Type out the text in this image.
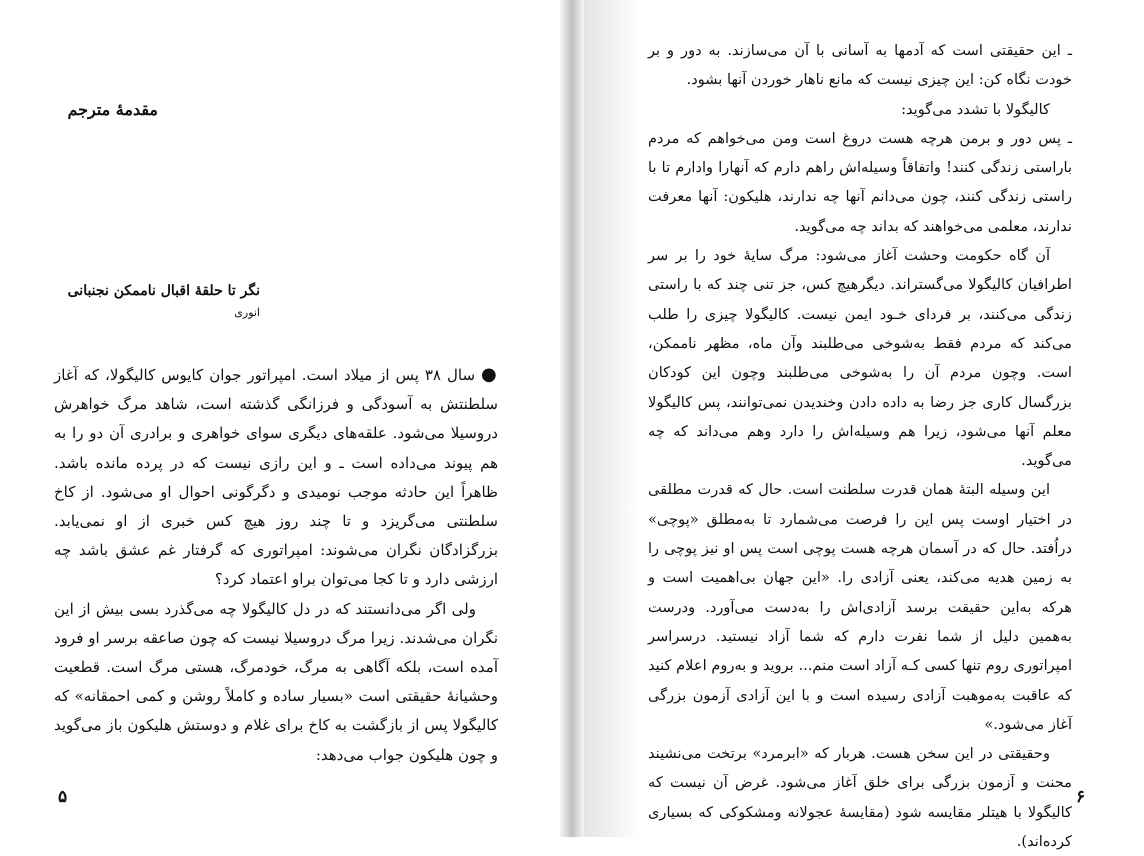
مقدمهٔ مترجم
نگر تا حلقهٔ اقبال ناممکن نجنبانی
انوری

●سال ۳۸ پس از میلاد است. امپراتور جوان کایوس کالیگولا، که آغاز سلطنتش به آسودگی و فرزانگی گذشته است، شاهد مرگ خواهرش دروسیلا می‌شود. علقه‌های دیگری سوای خواهری و برادری آن دو را به هم پیوند می‌داده است ـ و این رازی نیست که در پرده مانده باشد. ظاهراً این حادثه موجب نومیدی و دگرگونی احوال او می‌شود. از کاخ سلطنتی می‌گریزد و تا چند روز هیچ کس خبری از او نمی‌یابد. بزرگزادگان نگران می‌شوند: امپراتوری که گرفتار غم عشق باشد چه ارزشی دارد و تا کجا می‌توان براو اعتماد کرد؟

ولی اگر می‌دانستند که در دل کالیگولا چه می‌گذرد بسی بیش از این نگران می‌شدند. زیرا مرگ دروسیلا نیست که چون صاعقه برسر او فرود آمده است، بلکه آگاهی به مرگ، خودمرگ، هستی مرگ است. قطعیت وحشیانهٔ حقیقتی است «بسیار ساده و کاملاً روشن و کمی احمقانه» که کالیگولا پس از بازگشت به کاخ برای غلام و دوستش هلیکون باز می‌گوید و چون هلیکون جواب می‌دهد:

۵

ـ این حقیقتی است که آدمها به آسانی با آن می‌سازند. به دور و بر خودت نگاه کن: این چیزی نیست که مانع ناهار خوردن آنها بشود.

کالیگولا با تشدد می‌گوید:

ـ پس دور و برمن هرچه هست دروغ است ومن می‌خواهم که مردم باراستی زندگی کنند! واتفاقاً وسیله‌اش راهم دارم که آنهارا وادارم تا با راستی زندگی کنند، چون می‌دانم آنها چه ندارند، هلیکون: آنها معرفت ندارند، معلمی می‌خواهند که بداند چه می‌گوید.

آن گاه حکومت وحشت آغاز می‌شود: مرگ سایهٔ خود را بر سر اطرافیان کالیگولا می‌گستراند. دیگرهیچ کس، جز تنی چند که با راستی زندگی می‌کنند، بر فردای خـود ایمن نیست. کالیگولا چیزی را طلب می‌کند که مردم فقط به‌شوخی می‌طلبند وآن ماه، مظهر ناممکن، است. وچون مردم آن را به‌شوخی می‌طلبند وچون این کودکان بزرگسال کاری جز رضا به داده دادن وخندیدن نمی‌توانند، پس کالیگولا معلم آنها می‌شود، زیرا هم وسیله‌اش را دارد وهم می‌داند که چه می‌گوید.

این وسیله البتهٔ همان قدرت سلطنت است. حال که قدرت مطلقی در اختیار اوست پس این را فرصت می‌شمارد تا به‌مطلق «پوچی» دراُفتد. حال که در آسمان هرچه هست پوچی است پس او نیز پوچی را به زمین هدیه می‌کند، یعنی آزادی را. «این جهان بی‌اهمیت است و هرکه به‌این حقیقت برسد آزادی‌اش را به‌دست می‌آورد. ودرست به‌همین دلیل از شما نفرت دارم که شما آزاد نیستید. درسراسر امپراتوری روم تنها کسی کـه آزاد است منم... بروید و به‌روم اعلام کنید که عاقبت به‌موهبت آزادی رسیده است و با این آزادی آزمون بزرگی آغاز می‌شود.»

وحقیقتی در این سخن هست. هربار که «ابرمرد» برتخت می‌نشیند محنت و آزمون بزرگی برای خلق آغاز می‌شود. غرض آن نیست که کالیگولا با هیتلر مقایسه شود (مقایسهٔ عجولانه ومشکوکی که بسیاری کرده‌اند).

۶
